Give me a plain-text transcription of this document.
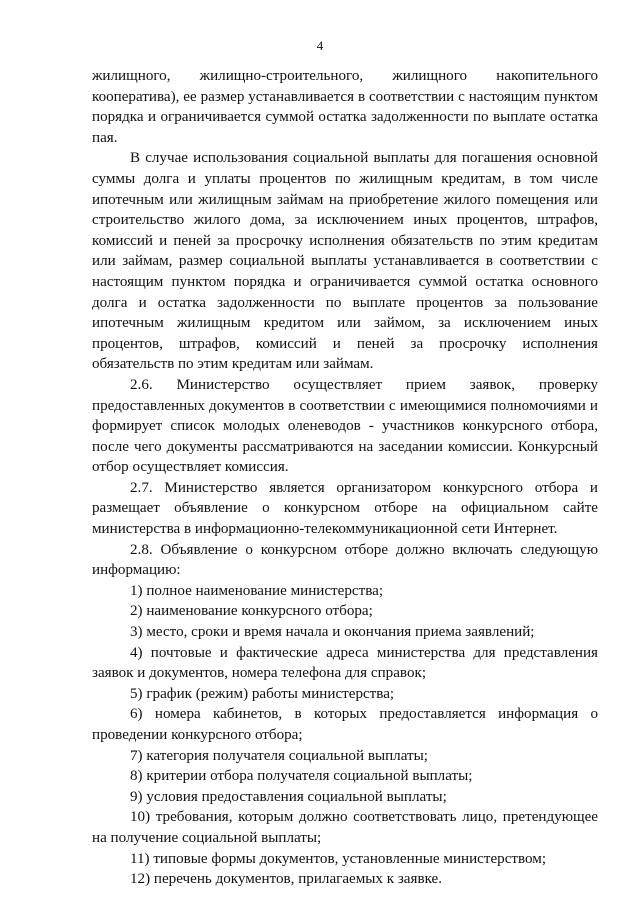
4

жилищного, жилищно-строительного, жилищного накопительного кооператива), ее размер устанавливается в соответствии с настоящим пунктом порядка и ограничивается суммой остатка задолженности по выплате остатка пая.

В случае использования социальной выплаты для погашения основной суммы долга и уплаты процентов по жилищным кредитам, в том числе ипотечным или жилищным займам на приобретение жилого помещения или строительство жилого дома, за исключением иных процентов, штрафов, комиссий и пеней за просрочку исполнения обязательств по этим кредитам или займам, размер социальной выплаты устанавливается в соответствии с настоящим пунктом порядка и ограничивается суммой остатка основного долга и остатка задолженности по выплате процентов за пользование ипотечным жилищным кредитом или займом, за исключением иных процентов, штрафов, комиссий и пеней за просрочку исполнения обязательств по этим кредитам или займам.

2.6. Министерство осуществляет прием заявок, проверку предоставленных документов в соответствии с имеющимися полномочиями и формирует список молодых оленеводов - участников конкурсного отбора, после чего документы рассматриваются на заседании комиссии. Конкурсный отбор осуществляет комиссия.

2.7. Министерство является организатором конкурсного отбора и размещает объявление о конкурсном отборе на официальном сайте министерства в информационно-телекоммуникационной сети Интернет.

2.8. Объявление о конкурсном отборе должно включать следующую информацию:

1) полное наименование министерства;

2) наименование конкурсного отбора;

3) место, сроки и время начала и окончания приема заявлений;

4) почтовые и фактические адреса министерства для представления заявок и документов, номера телефона для справок;

5) график (режим) работы министерства;

6) номера кабинетов, в которых предоставляется информация о проведении конкурсного отбора;

7) категория получателя социальной выплаты;

8) критерии отбора получателя социальной выплаты;

9) условия предоставления социальной выплаты;

10) требования, которым должно соответствовать лицо, претендующее на получение социальной выплаты;

11) типовые формы документов, установленные министерством;

12) перечень документов, прилагаемых к заявке.
